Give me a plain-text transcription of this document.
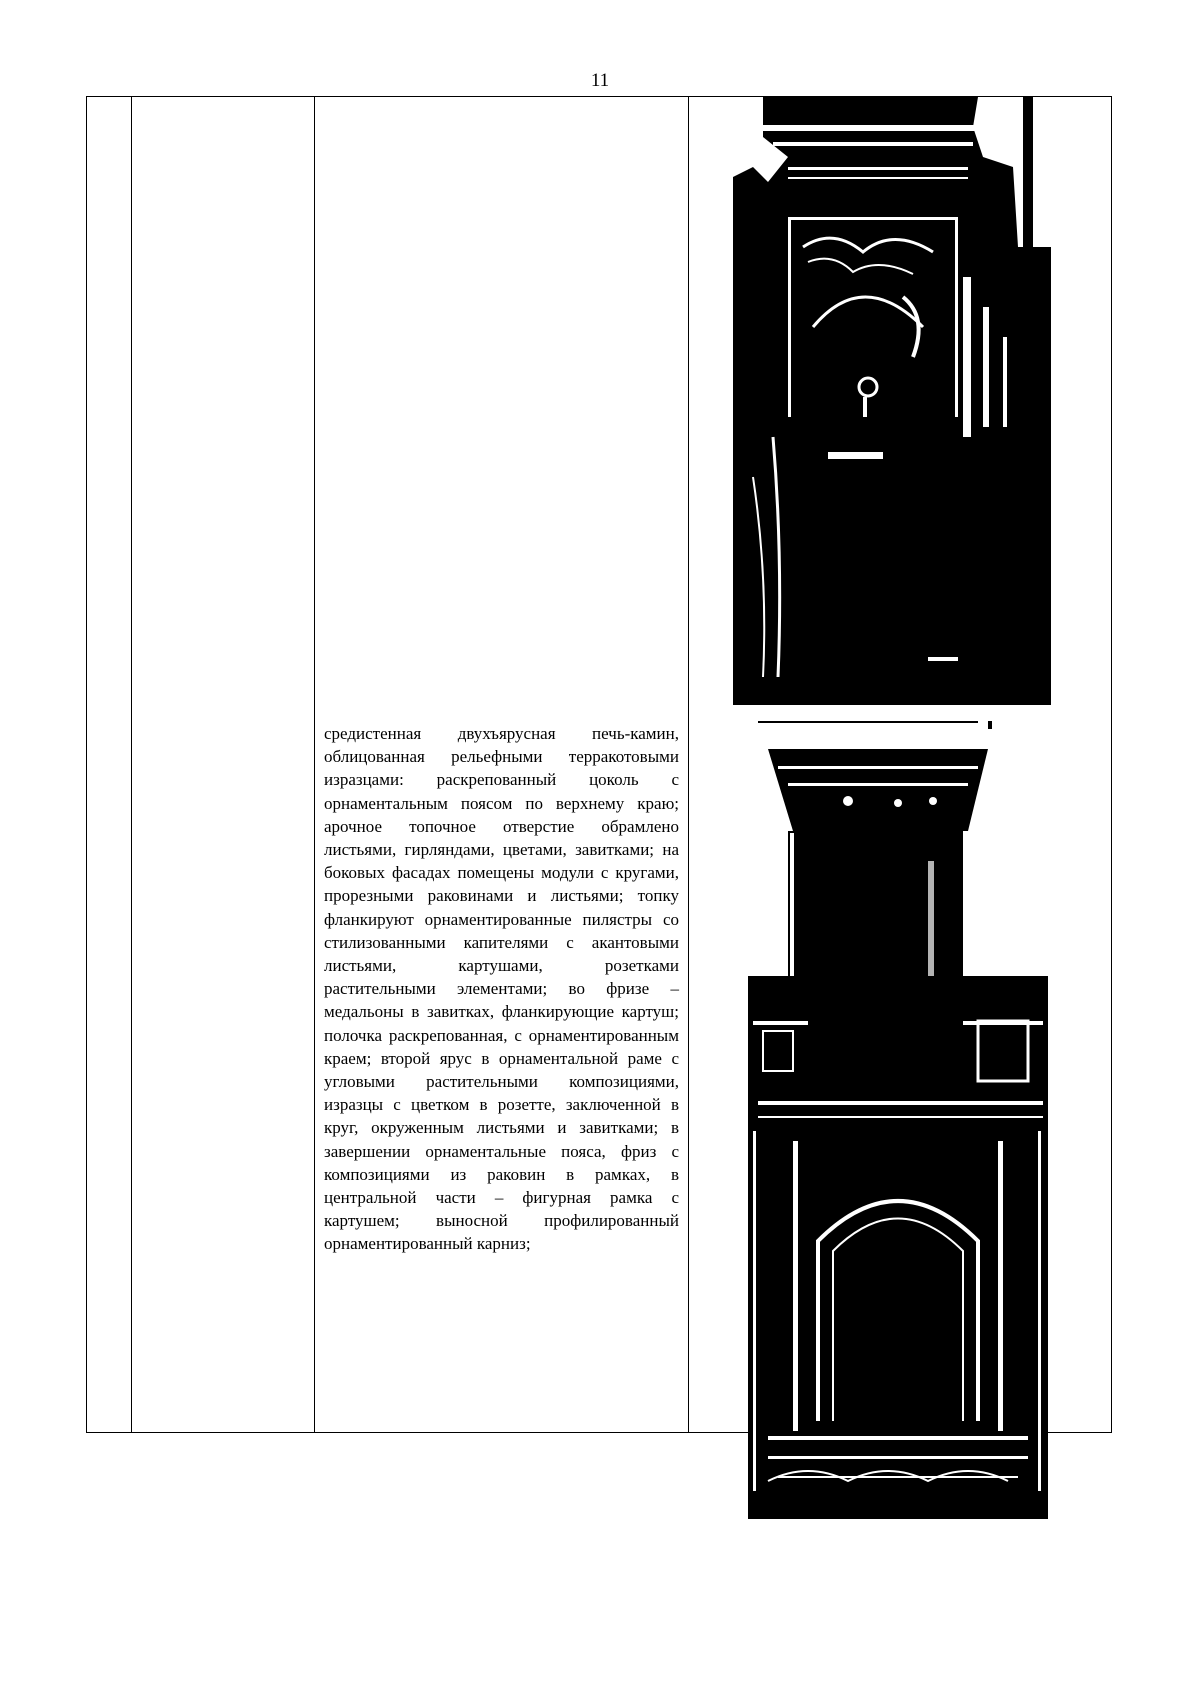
11
средистенная двухъярусная печь-камин, облицованная рельефными терракотовыми изразцами: раскрепованный цоколь с орнаментальным поясом по верхнему краю; арочное топочное отверстие обрамлено листьями, гирляндами, цветами, завитками; на боковых фасадах помещены модули с кругами, прорезными раковинами и листьями; топку фланкируют орнаментированные пилястры со стилизованными капителями с акантовыми листьями, картушами, розетками растительными элементами; во фризе – медальоны в завитках, фланкирующие картуш; полочка раскрепованная, с орнаментированным краем; второй ярус в орнаментальной раме с угловыми растительными композициями, изразцы с цветком в розетте, заключенной в круг, окруженным листьями и завитками; в завершении орнаментальные пояса, фриз с композициями из раковин в рамках, в центральной части – фигурная рамка с картушем; выносной профилированный орнаментированный карниз;
